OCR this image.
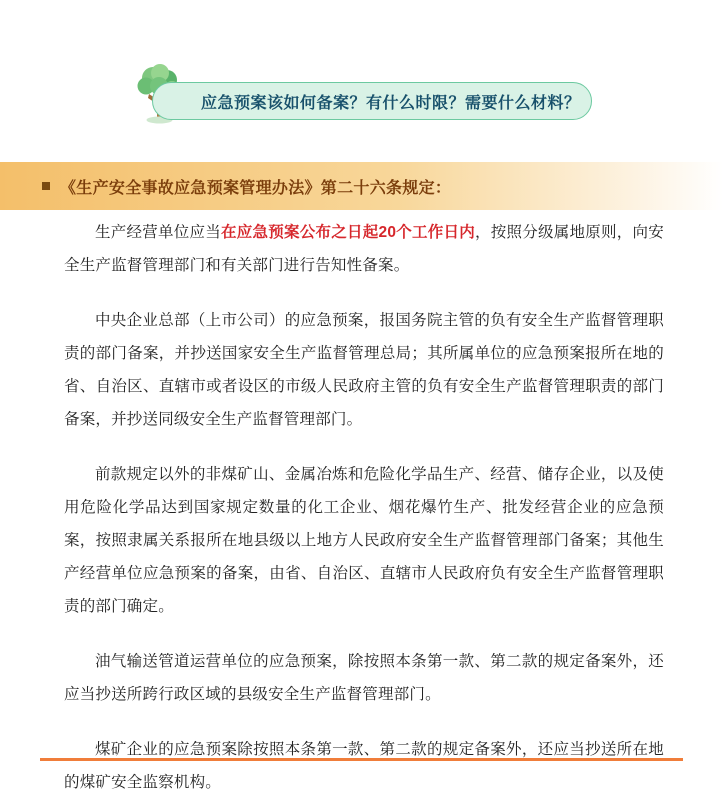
应急预案该如何备案？有什么时限？需要什么材料？
《生产安全事故应急预案管理办法》第二十六条规定：

生产经营单位应当在应急预案公布之日起20个工作日内，按照分级属地原则，向安全生产监督管理部门和有关部门进行告知性备案。

中央企业总部（上市公司）的应急预案，报国务院主管的负有安全生产监督管理职责的部门备案，并抄送国家安全生产监督管理总局；其所属单位的应急预案报所在地的省、自治区、直辖市或者设区的市级人民政府主管的负有安全生产监督管理职责的部门备案，并抄送同级安全生产监督管理部门。

前款规定以外的非煤矿山、金属冶炼和危险化学品生产、经营、储存企业，以及使用危险化学品达到国家规定数量的化工企业、烟花爆竹生产、批发经营企业的应急预案，按照隶属关系报所在地县级以上地方人民政府安全生产监督管理部门备案；其他生产经营单位应急预案的备案，由省、自治区、直辖市人民政府负有安全生产监督管理职责的部门确定。

油气输送管道运营单位的应急预案，除按照本条第一款、第二款的规定备案外，还应当抄送所跨行政区域的县级安全生产监督管理部门。

煤矿企业的应急预案除按照本条第一款、第二款的规定备案外，还应当抄送所在地的煤矿安全监察机构。
